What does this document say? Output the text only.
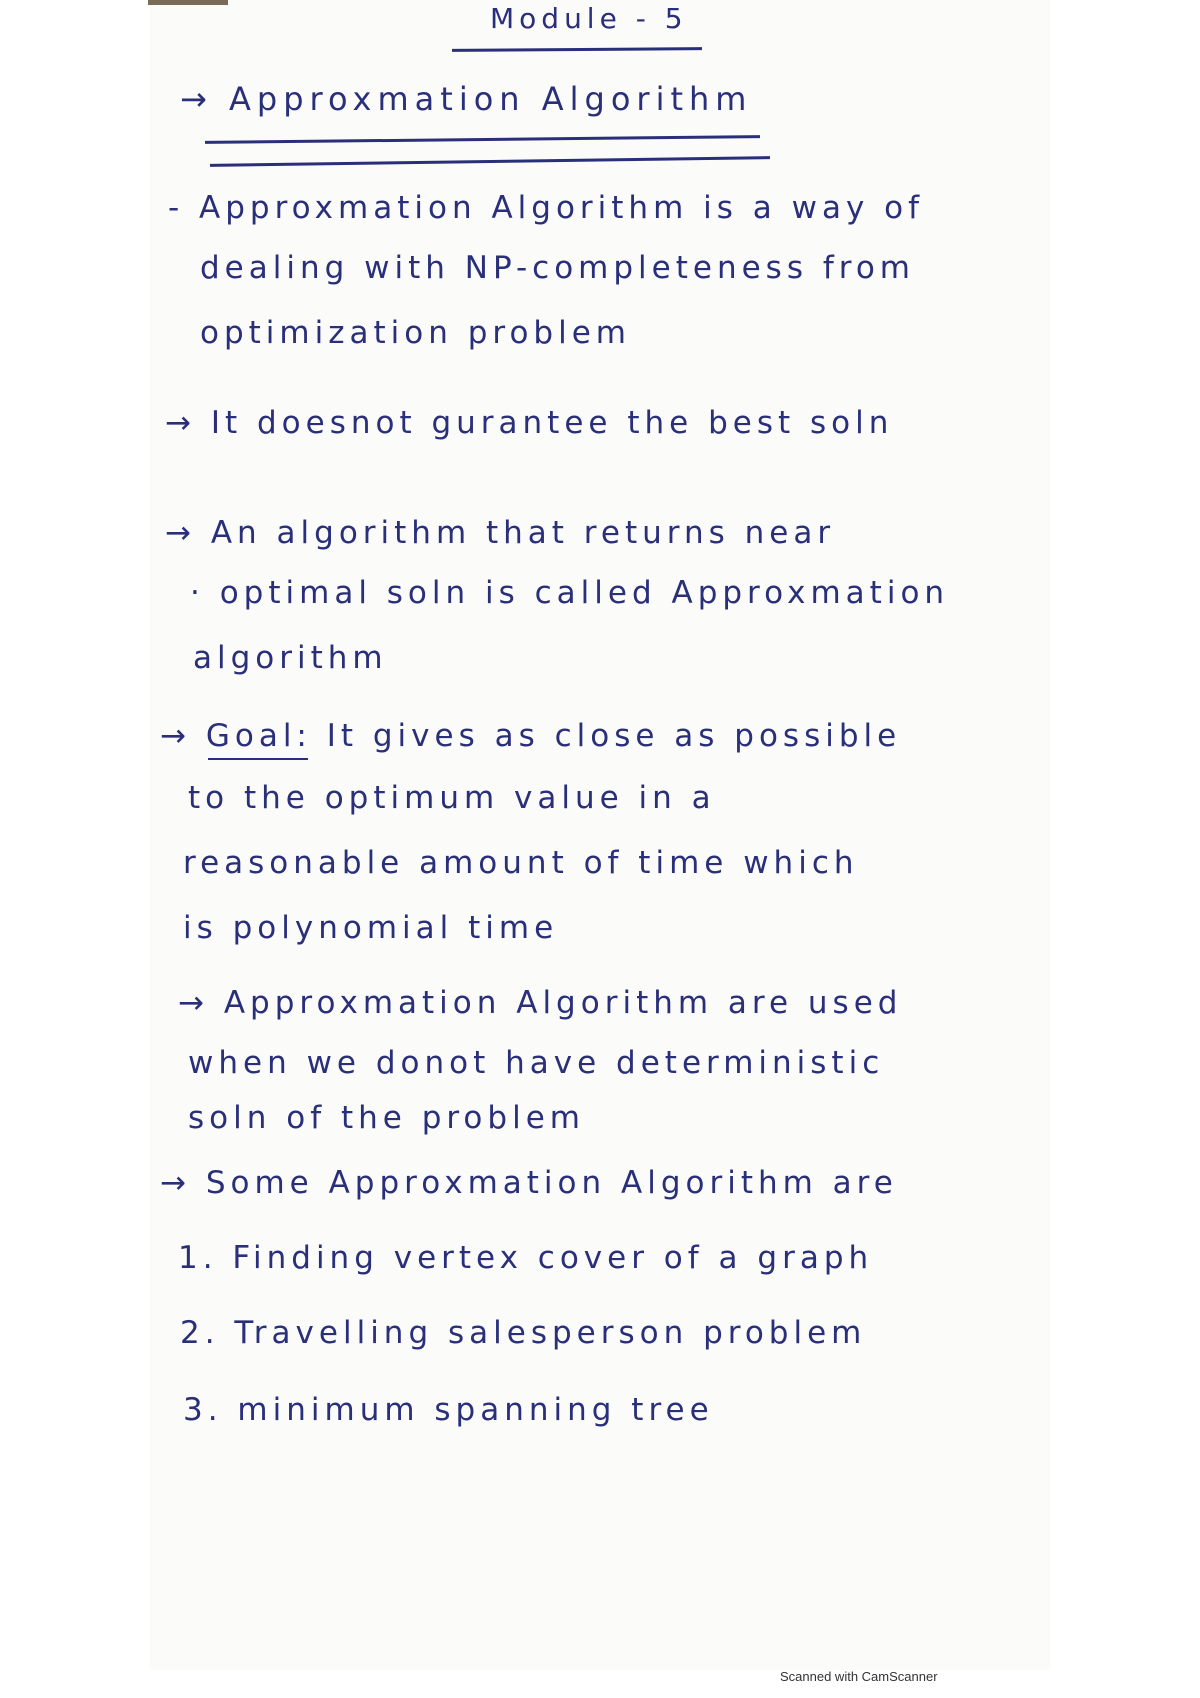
Module - 5
→ Approxmation Algorithm
- Approxmation Algorithm is a way of
dealing with NP-completeness from
optimization problem
→ It doesnot gurantee the best soln
→ An algorithm that returns near
· optimal soln is called Approxmation
algorithm
→ Goal: It gives as close as possible
to the optimum value in a
reasonable amount of time which
is polynomial time
→ Approxmation Algorithm are used
when we donot have deterministic
soln of the problem
→ Some Approxmation Algorithm are
1. Finding vertex cover of a graph
2. Travelling salesperson problem
3. minimum spanning tree
Scanned with CamScanner
